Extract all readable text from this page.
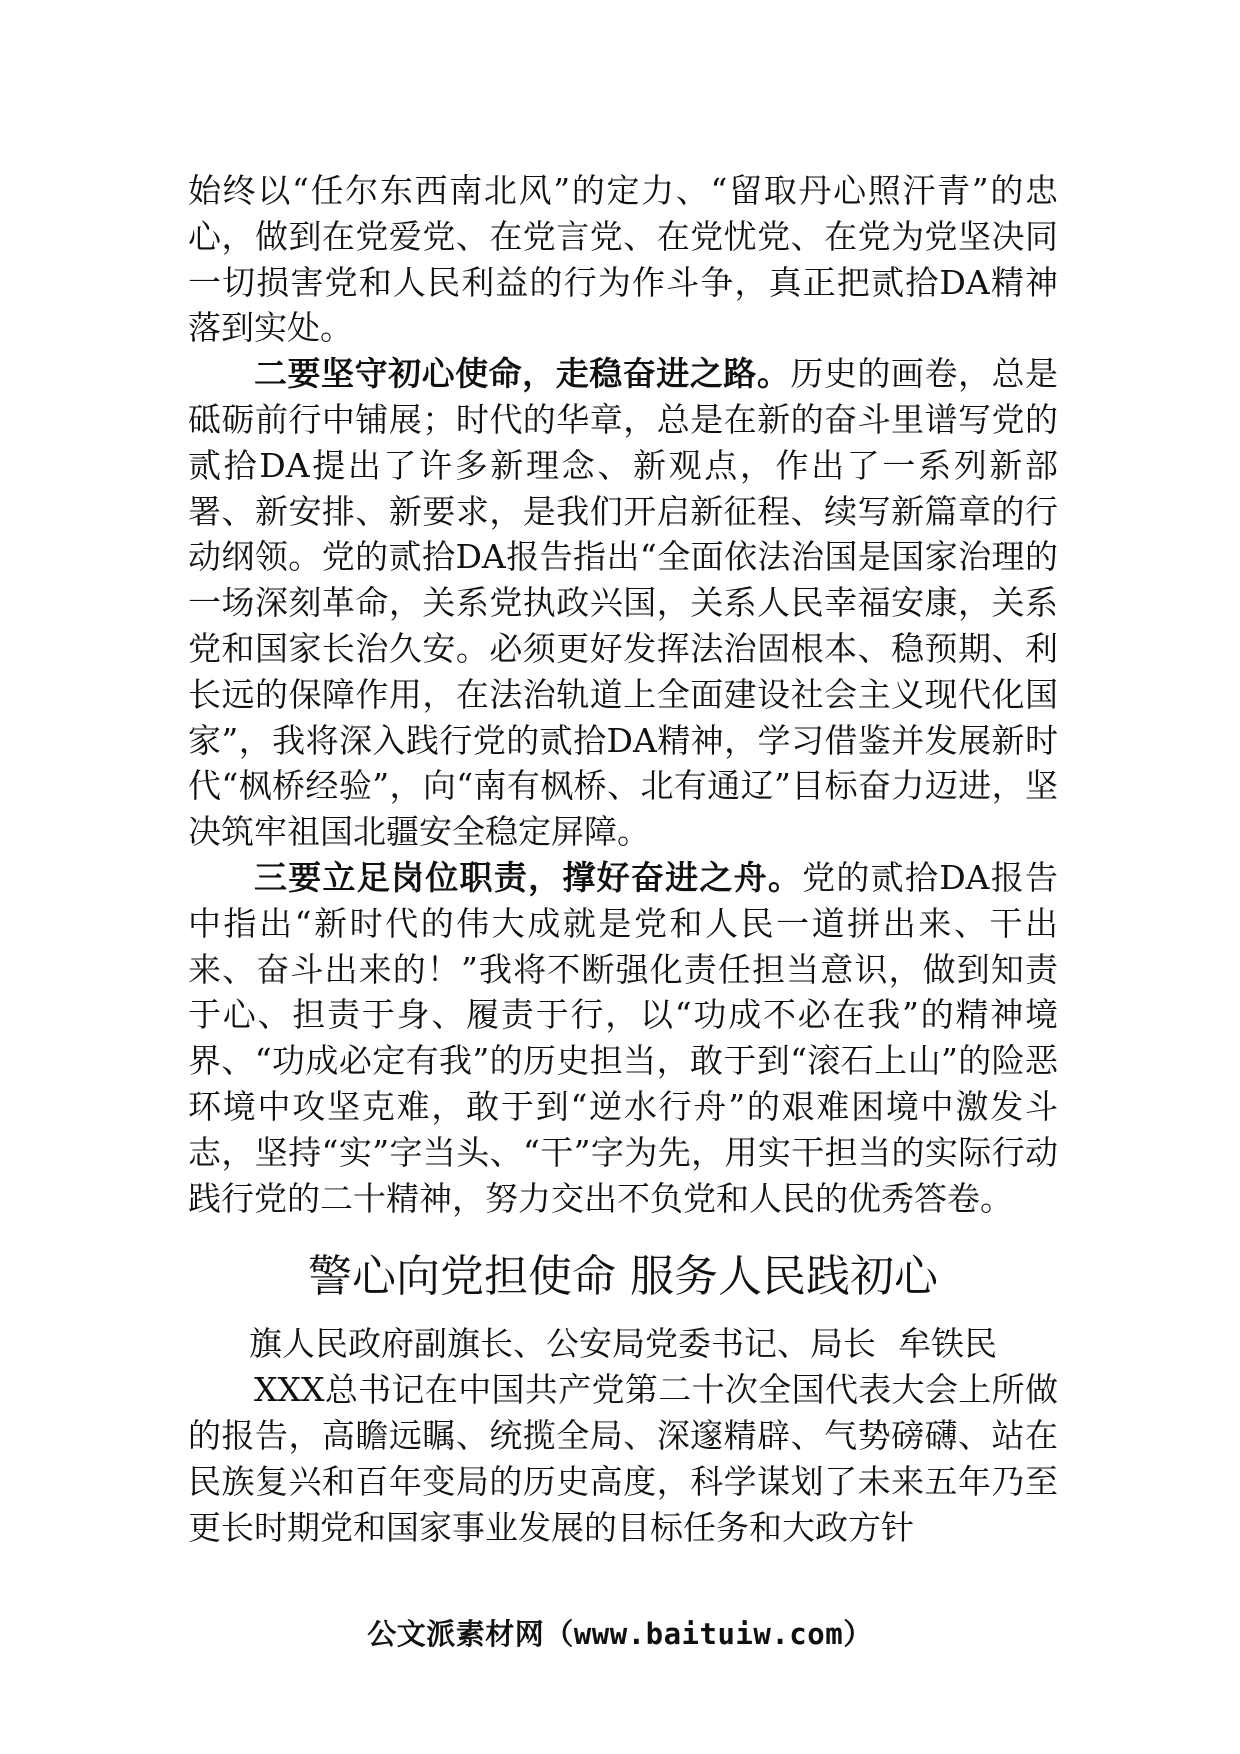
始终以“任尔东西南北风”的定力、“留取丹心照汗青”的忠心，做到在党爱党、在党言党、在党忧党、在党为党坚决同一切损害党和人民利益的行为作斗争，真正把贰拾DA精神落到实处。

二要坚守初心使命，走稳奋进之路。历史的画卷，总是砥砺前行中铺展；时代的华章，总是在新的奋斗里谱写党的贰拾DA提出了许多新理念、新观点，作出了一系列新部署、新安排、新要求，是我们开启新征程、续写新篇章的行动纲领。党的贰拾DA报告指出“全面依法治国是国家治理的一场深刻革命，关系党执政兴国，关系人民幸福安康，关系党和国家长治久安。必须更好发挥法治固根本、稳预期、利长远的保障作用，在法治轨道上全面建设社会主义现代化国家”，我将深入践行党的贰拾DA精神，学习借鉴并发展新时代“枫桥经验”，向“南有枫桥、北有通辽”目标奋力迈进，坚决筑牢祖国北疆安全稳定屏障。

三要立足岗位职责，撑好奋进之舟。党的贰拾DA报告中指出“新时代的伟大成就是党和人民一道拼出来、干出来、奋斗出来的！”我将不断强化责任担当意识，做到知责于心、担责于身、履责于行，以“功成不必在我”的精神境界、“功成必定有我”的历史担当，敢于到“滚石上山”的险恶环境中攻坚克难，敢于到“逆水行舟”的艰难困境中激发斗志，坚持“实”字当头、“干”字为先，用实干担当的实际行动践行党的二十精神，努力交出不负党和人民的优秀答卷。

警心向党担使命 服务人民践初心

旗人民政府副旗长、公安局党委书记、局长 牟铁民

XXX总书记在中国共产党第二十次全国代表大会上所做的报告，高瞻远瞩、统揽全局、深邃精辟、气势磅礴、站在民族复兴和百年变局的历史高度，科学谋划了未来五年乃至更长时期党和国家事业发展的目标任务和大政方针

公文派素材网（www.baituiw.com）
